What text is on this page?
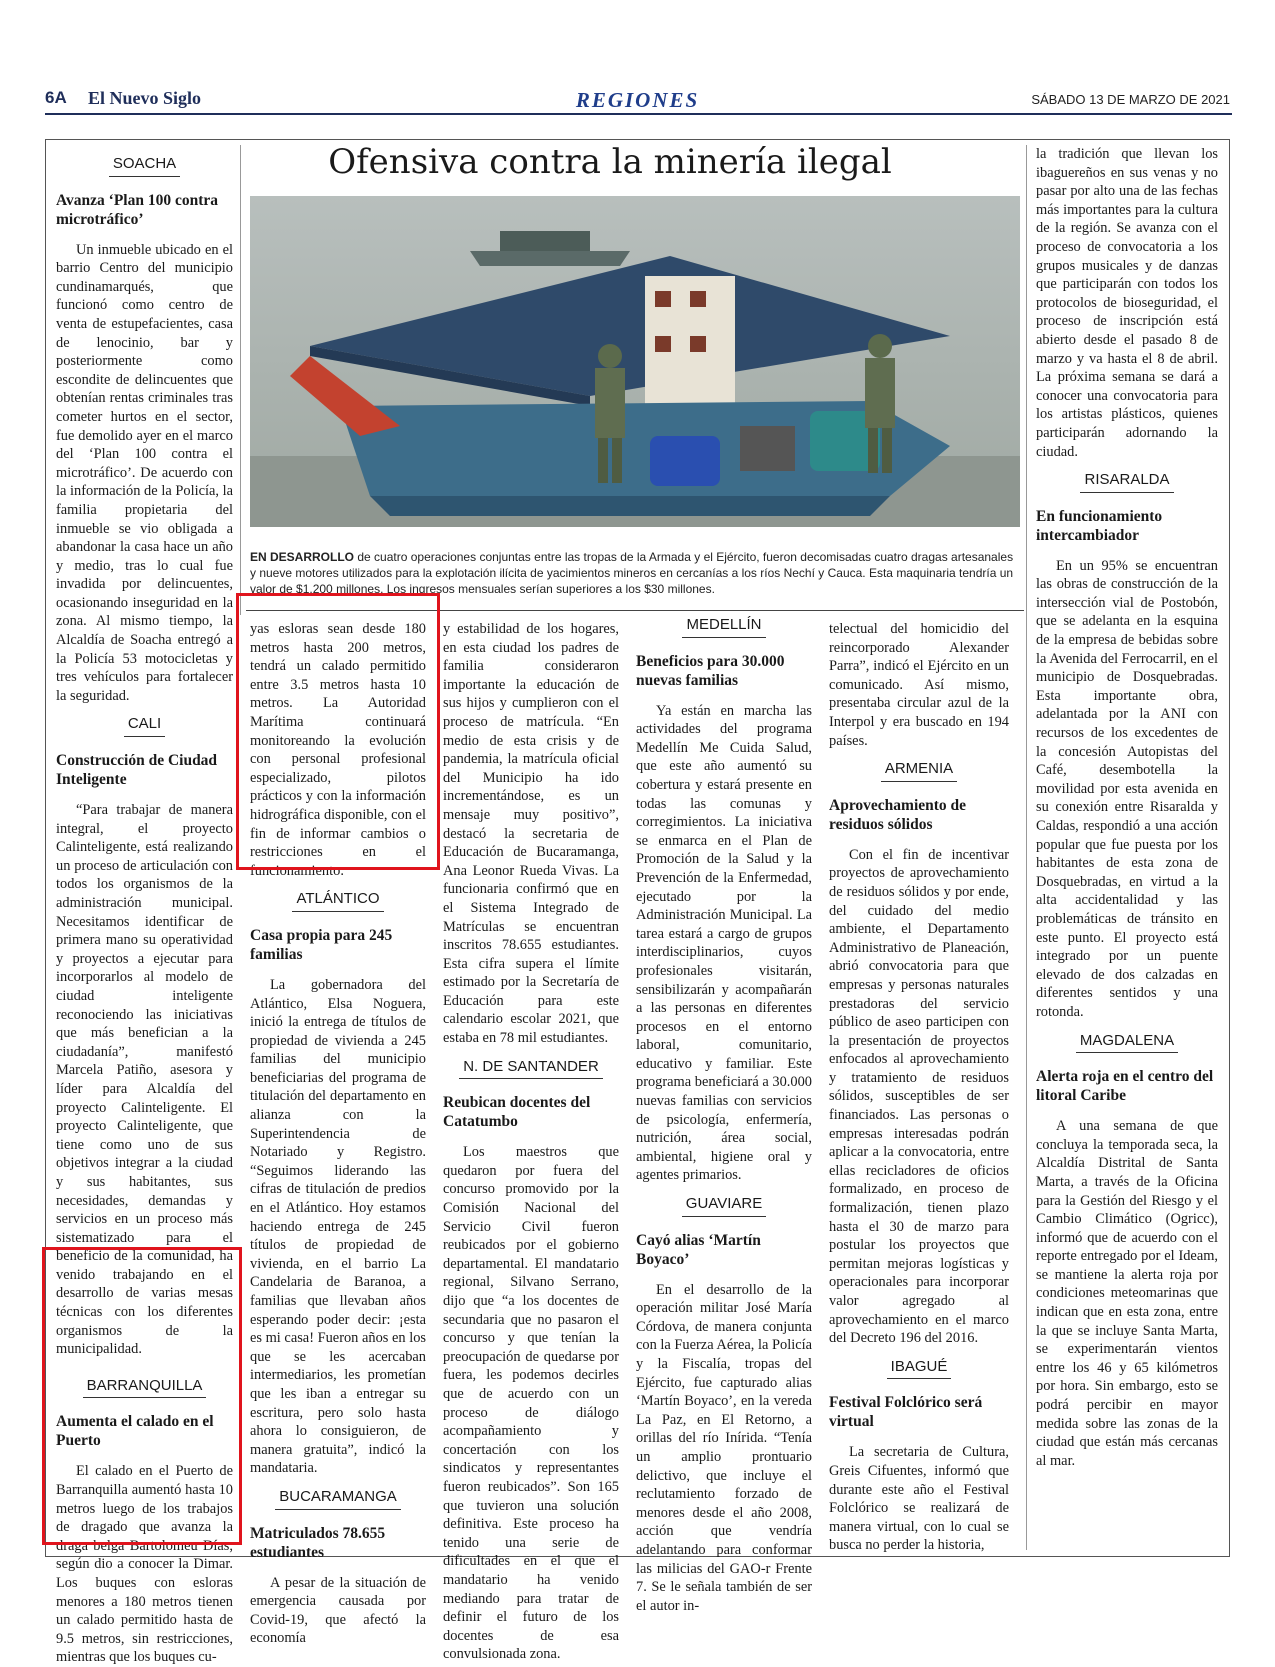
6A El Nuevo Siglo	REGIONES	SÁBADO 13 DE MARZO DE 2021
Ofensiva contra la minería ilegal
EN DESARROLLO de cuatro operaciones conjuntas entre las tropas de la Armada y el Ejército, fueron decomisadas cuatro dragas artesanales y nueve motores utilizados para la explotación ilícita de yacimientos mineros en cercanías a los ríos Nechí y Cauca. Esta maquinaria tendría un valor de $1.200 millones. Los ingresos mensuales serían superiores a los $30 millones.
SOACHA
Avanza ‘Plan 100 contra microtráfico’

Un inmueble ubicado en el barrio Centro del municipio cundinamarqués, que funcionó como centro de venta de estupefacientes, casa de lenocinio, bar y posteriormente como escondite de delincuentes que obtenían rentas criminales tras cometer hurtos en el sector, fue demolido ayer en el marco del ‘Plan 100 contra el microtráfico’. De acuerdo con la información de la Policía, la familia propietaria del inmueble se vio obligada a abandonar la casa hace un año y medio, tras lo cual fue invadida por delincuentes, ocasionando inseguridad en la zona. Al mismo tiempo, la Alcaldía de Soacha entregó a la Policía 53 motocicletas y tres vehículos para fortalecer la seguridad.

CALI
Construcción de Ciudad Inteligente

“Para trabajar de manera integral, el proyecto Calinteligente, está realizando un proceso de articulación con todos los organismos de la administración municipal. Necesitamos identificar de primera mano su operatividad y proyectos a ejecutar para incorporarlos al modelo de ciudad inteligente reconociendo las iniciativas que más benefician a la ciudadanía”, manifestó Marcela Patiño, asesora y líder para Alcaldía del proyecto Calinteligente. El proyecto Calinteligente, que tiene como uno de sus objetivos integrar a la ciudad y sus habitantes, sus necesidades, demandas y servicios en un proceso más sistematizado para el beneficio de la comunidad, ha venido trabajando en el desarrollo de varias mesas técnicas con los diferentes organismos de la municipalidad.

BARRANQUILLA
Aumenta el calado en el Puerto

El calado en el Puerto de Barranquilla aumentó hasta 10 metros luego de los trabajos de dragado que avanza la draga belga Bartolomeu Días, según dio a conocer la Dimar. Los buques con esloras menores a 180 metros tienen un calado permitido hasta de 9.5 metros, sin restricciones, mientras que los buques cu-

yas esloras sean desde 180 metros hasta 200 metros, tendrá un calado permitido entre 3.5 metros hasta 10 metros. La Autoridad Marítima continuará monitoreando la evolución con personal profesional especializado, pilotos prácticos y con la información hidrográfica disponible, con el fin de informar cambios o restricciones en el funcionamiento.

ATLÁNTICO
Casa propia para 245 familias

La gobernadora del Atlántico, Elsa Noguera, inició la entrega de títulos de propiedad de vivienda a 245 familias del municipio beneficiarias del programa de titulación del departamento en alianza con la Superintendencia de Notariado y Registro. “Seguimos liderando las cifras de titulación de predios en el Atlántico. Hoy estamos haciendo entrega de 245 títulos de propiedad de vivienda, en el barrio La Candelaria de Baranoa, a familias que llevaban años esperando poder decir: ¡esta es mi casa! Fueron años en los que se les acercaban intermediarios, les prometían que les iban a entregar su escritura, pero solo hasta ahora lo consiguieron, de manera gratuita”, indicó la mandataria.

BUCARAMANGA
Matriculados 78.655 estudiantes

A pesar de la situación de emergencia causada por Covid-19, que afectó la economía

y estabilidad de los hogares, en esta ciudad los padres de familia consideraron importante la educación de sus hijos y cumplieron con el proceso de matrícula. “En medio de esta crisis y de pandemia, la matrícula oficial del Municipio ha ido incrementándose, es un mensaje muy positivo”, destacó la secretaria de Educación de Bucaramanga, Ana Leonor Rueda Vivas. La funcionaria confirmó que en el Sistema Integrado de Matrículas se encuentran inscritos 78.655 estudiantes. Esta cifra supera el límite estimado por la Secretaría de Educación para este calendario escolar 2021, que estaba en 78 mil estudiantes.

N. DE SANTANDER
Reubican docentes del Catatumbo

Los maestros que quedaron por fuera del concurso promovido por la Comisión Nacional del Servicio Civil fueron reubicados por el gobierno departamental. El mandatario regional, Silvano Serrano, dijo que “a los docentes de secundaria que no pasaron el concurso y que tenían la preocupación de quedarse por fuera, les podemos decirles que de acuerdo con un proceso de diálogo acompañamiento y concertación con los sindicatos y representantes fueron reubicados”. Son 165 que tuvieron una solución definitiva. Este proceso ha tenido una serie de dificultades en el que el mandatario ha venido mediando para tratar de definir el futuro de los docentes de esa convulsionada zona.

MEDELLÍN
Beneficios para 30.000 nuevas familias

Ya están en marcha las actividades del programa Medellín Me Cuida Salud, que este año aumentó su cobertura y estará presente en todas las comunas y corregimientos. La iniciativa se enmarca en el Plan de Promoción de la Salud y la Prevención de la Enfermedad, ejecutado por la Administración Municipal. La tarea estará a cargo de grupos interdisciplinarios, cuyos profesionales visitarán, sensibilizarán y acompañarán a las personas en diferentes procesos en el entorno laboral, comunitario, educativo y familiar. Este programa beneficiará a 30.000 nuevas familias con servicios de psicología, enfermería, nutrición, área social, ambiental, higiene oral y agentes primarios.

GUAVIARE
Cayó alias ‘Martín Boyaco’

En el desarrollo de la operación militar José María Córdova, de manera conjunta con la Fuerza Aérea, la Policía y la Fiscalía, tropas del Ejército, fue capturado alias ‘Martín Boyaco’, en la vereda La Paz, en El Retorno, a orillas del río Inírida. “Tenía un amplio prontuario delictivo, que incluye el reclutamiento forzado de menores desde el año 2008, acción que vendría adelantando para conformar las milicias del GAO-r Frente 7. Se le señala también de ser el autor in-

telectual del homicidio del reincorporado Alexander Parra”, indicó el Ejército en un comunicado. Así mismo, presentaba circular azul de la Interpol y era buscado en 194 países.

ARMENIA
Aprovechamiento de residuos sólidos

Con el fin de incentivar proyectos de aprovechamiento de residuos sólidos y por ende, del cuidado del medio ambiente, el Departamento Administrativo de Planeación, abrió convocatoria para que empresas y personas naturales prestadoras del servicio público de aseo participen con la presentación de proyectos enfocados al aprovechamiento y tratamiento de residuos sólidos, susceptibles de ser financiados. Las personas o empresas interesadas podrán aplicar a la convocatoria, entre ellas recicladores de oficios formalizado, en proceso de formalización, tienen plazo hasta el 30 de marzo para postular los proyectos que permitan mejoras logísticas y operacionales para incorporar valor agregado al aprovechamiento en el marco del Decreto 196 del 2016.

IBAGUÉ
Festival Folclórico será virtual

La secretaria de Cultura, Greis Cifuentes, informó que durante este año el Festival Folclórico se realizará de manera virtual, con lo cual se busca no perder la historia,

la tradición que llevan los ibaguereños en sus venas y no pasar por alto una de las fechas más importantes para la cultura de la región. Se avanza con el proceso de convocatoria a los grupos musicales y de danzas que participarán con todos los protocolos de bioseguridad, el proceso de inscripción está abierto desde el pasado 8 de marzo y va hasta el 8 de abril. La próxima semana se dará a conocer una convocatoria para los artistas plásticos, quienes participarán adornando la ciudad.

RISARALDA
En funcionamiento intercambiador

En un 95% se encuentran las obras de construcción de la intersección vial de Postobón, que se adelanta en la esquina de la empresa de bebidas sobre la Avenida del Ferrocarril, en el municipio de Dosquebradas. Esta importante obra, adelantada por la ANI con recursos de los excedentes de la concesión Autopistas del Café, desembotella la movilidad por esta avenida en su conexión entre Risaralda y Caldas, respondió a una acción popular que fue puesta por los habitantes de esta zona de Dosquebradas, en virtud a la alta accidentalidad y las problemáticas de tránsito en este punto. El proyecto está integrado por un puente elevado de dos calzadas en diferentes sentidos y una rotonda.

MAGDALENA
Alerta roja en el centro del litoral Caribe

A una semana de que concluya la temporada seca, la Alcaldía Distrital de Santa Marta, a través de la Oficina para la Gestión del Riesgo y el Cambio Climático (Ogricc), informó que de acuerdo con el reporte entregado por el Ideam, se mantiene la alerta roja por condiciones meteomarinas que indican que en esta zona, entre la que se incluye Santa Marta, se experimentarán vientos entre los 46 y 65 kilómetros por hora. Sin embargo, esto se podrá percibir en mayor medida sobre las zonas de la ciudad que están más cercanas al mar.
